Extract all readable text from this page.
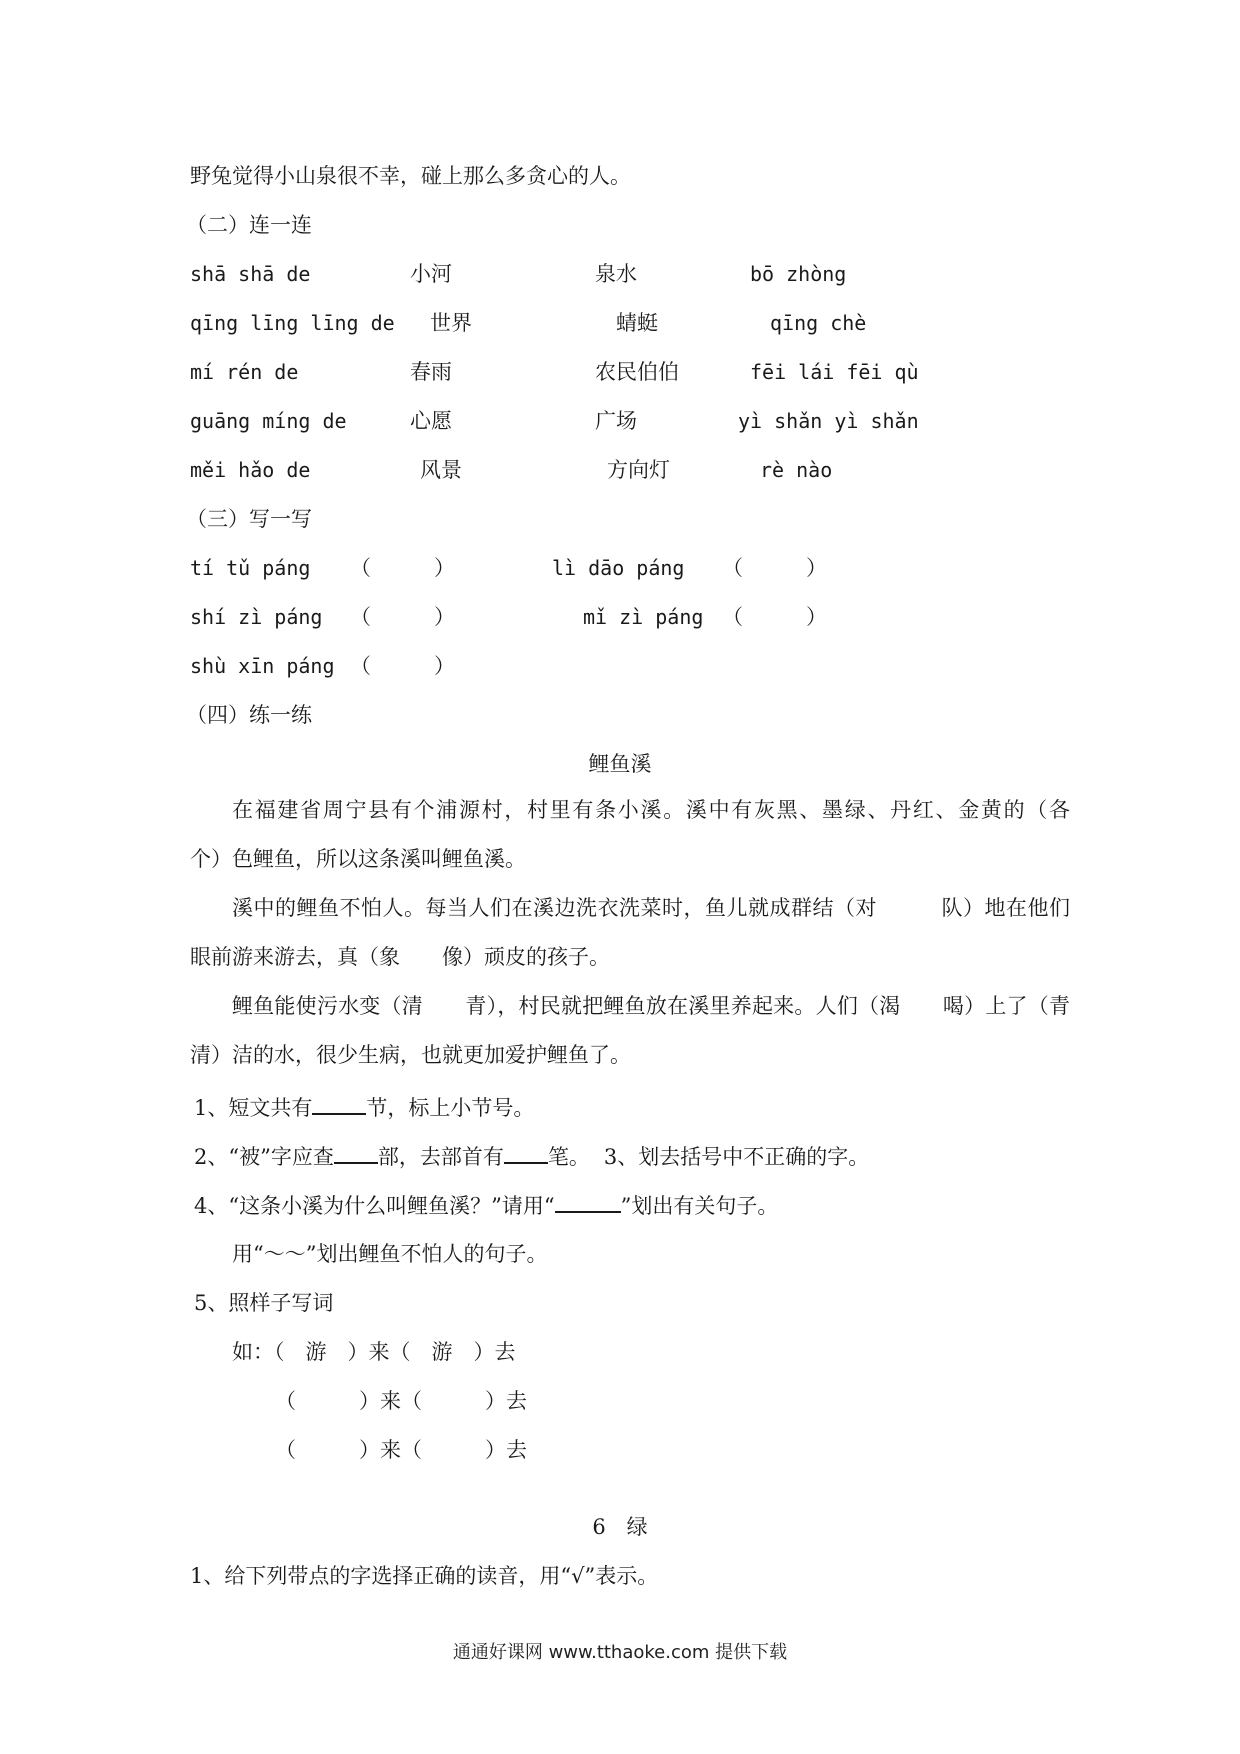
野兔觉得小山泉很不幸，碰上那么多贪心的人。
（二）连一连
shā shā de	小河	泉水	bō zhòng
qīng līng līng de 世界	蜻蜓	qīng chè
mí rén de	春雨	农民伯伯	fēi lái fēi qù
guāng míng de	心愿	广场	yì shǎn yì shǎn
měi hǎo de	风景	方向灯	rè nào
（三）写一写
tí tǔ páng （　　　）	lì dāo páng （　　　）
shí zì páng （　　　）	mǐ zì páng （　　　）
shù xīn páng （　　　）
（四）练一练
鲤鱼溪
在福建省周宁县有个浦源村，村里有条小溪。溪中有灰黑、墨绿、丹红、金黄的（各　　个）色鲤鱼，所以这条溪叫鲤鱼溪。
溪中的鲤鱼不怕人。每当人们在溪边洗衣洗菜时，鱼儿就成群结（对　　　队）地在他们眼前游来游去，真（象　　像）顽皮的孩子。
鲤鱼能使污水变（清　　青），村民就把鲤鱼放在溪里养起来。人们（渴　　喝）上了（青　　清）洁的水，很少生病，也就更加爱护鲤鱼了。
1、短文共有	节，标上小节号。
2、“被”字应查 部，去部首有 笔。 3、划去括号中不正确的字。
4、“这条小溪为什么叫鲤鱼溪？”请用“	”划出有关句子。
用“～～”划出鲤鱼不怕人的句子。
5、照样子写词
如：（　游　）来（　游　）去
（　　　）来（　　　）去
（　　　）来（　　　）去
6　绿
1、给下列带点的字选择正确的读音，用“√”表示。
通通好课网 www.tthaoke.com 提供下载
